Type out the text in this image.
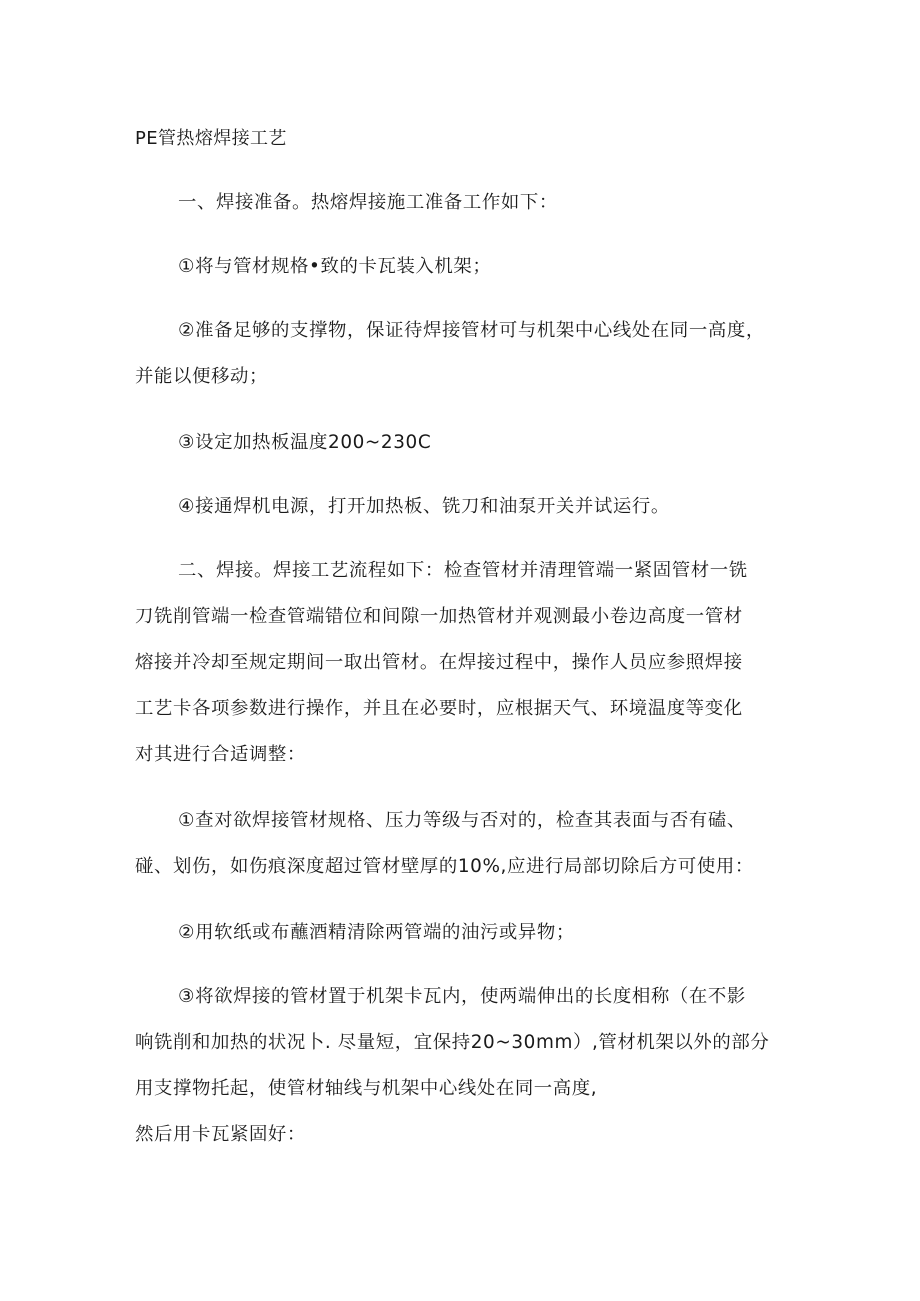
PE管热熔焊接工艺
一、焊接准备。热熔焊接施工准备工作如下：
①将与管材规格•致的卡瓦装入机架；
②准备足够的支撑物，保证待焊接管材可与机架中心线处在同一高度，
并能以便移动；
③设定加热板温度200~230C
④接通焊机电源，打开加热板、铣刀和油泵开关并试运行。
二、焊接。焊接工艺流程如下：检查管材并清理管端一紧固管材一铣
刀铣削管端一检查管端错位和间隙一加热管材并观测最小卷边高度一管材
熔接并冷却至规定期间一取出管材。在焊接过程中，操作人员应参照焊接
工艺卡各项参数进行操作，并且在必要时，应根据天气、环境温度等变化
对其进行合适调整：
①查对欲焊接管材规格、压力等级与否对的，检查其表面与否有磕、
碰、划伤，如伤痕深度超过管材壁厚的10%,应进行局部切除后方可使用：
②用软纸或布蘸酒精清除两管端的油污或异物；
③将欲焊接的管材置于机架卡瓦内，使两端伸出的长度相称（在不影
响铣削和加热的状况卜. 尽量短，宜保持20~30mm）,管材机架以外的部分
用支撑物托起，使管材轴线与机架中心线处在同一高度,
然后用卡瓦紧固好：
